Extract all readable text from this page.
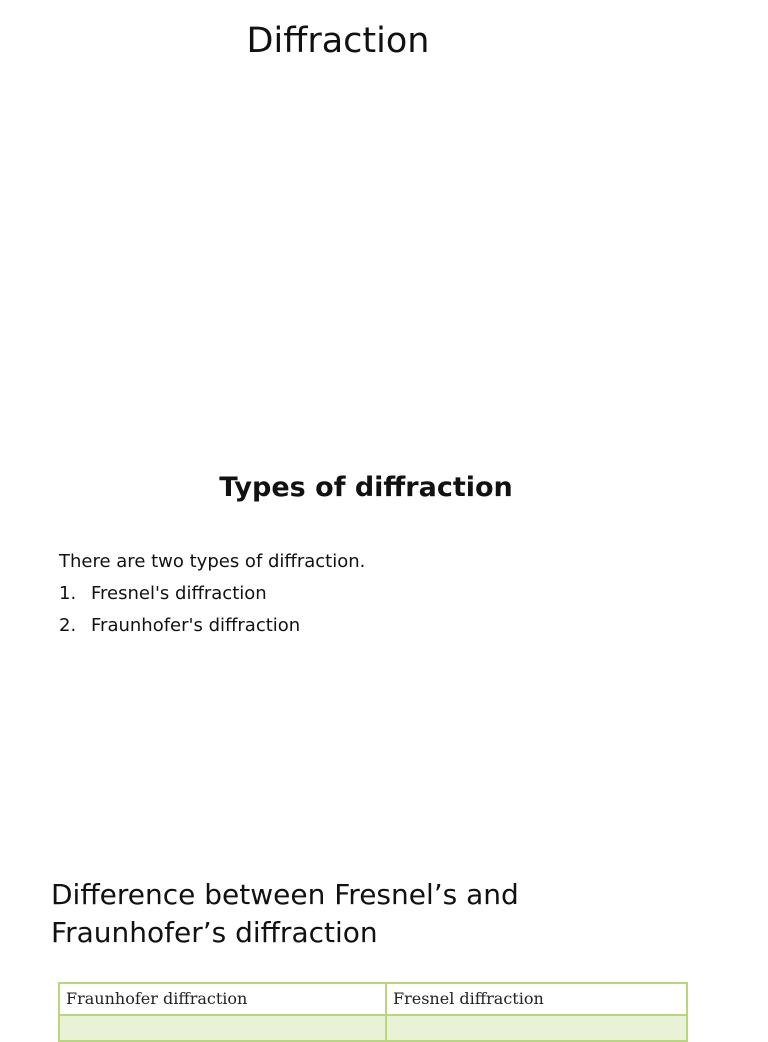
Diffraction
Types of diffraction
There are two types of diffraction.
1. Fresnel's diffraction
2. Fraunhofer's diffraction
Difference between Fresnel’s and
Fraunhofer’s diffraction
Fraunhofer diffraction	Fresnel diffraction
